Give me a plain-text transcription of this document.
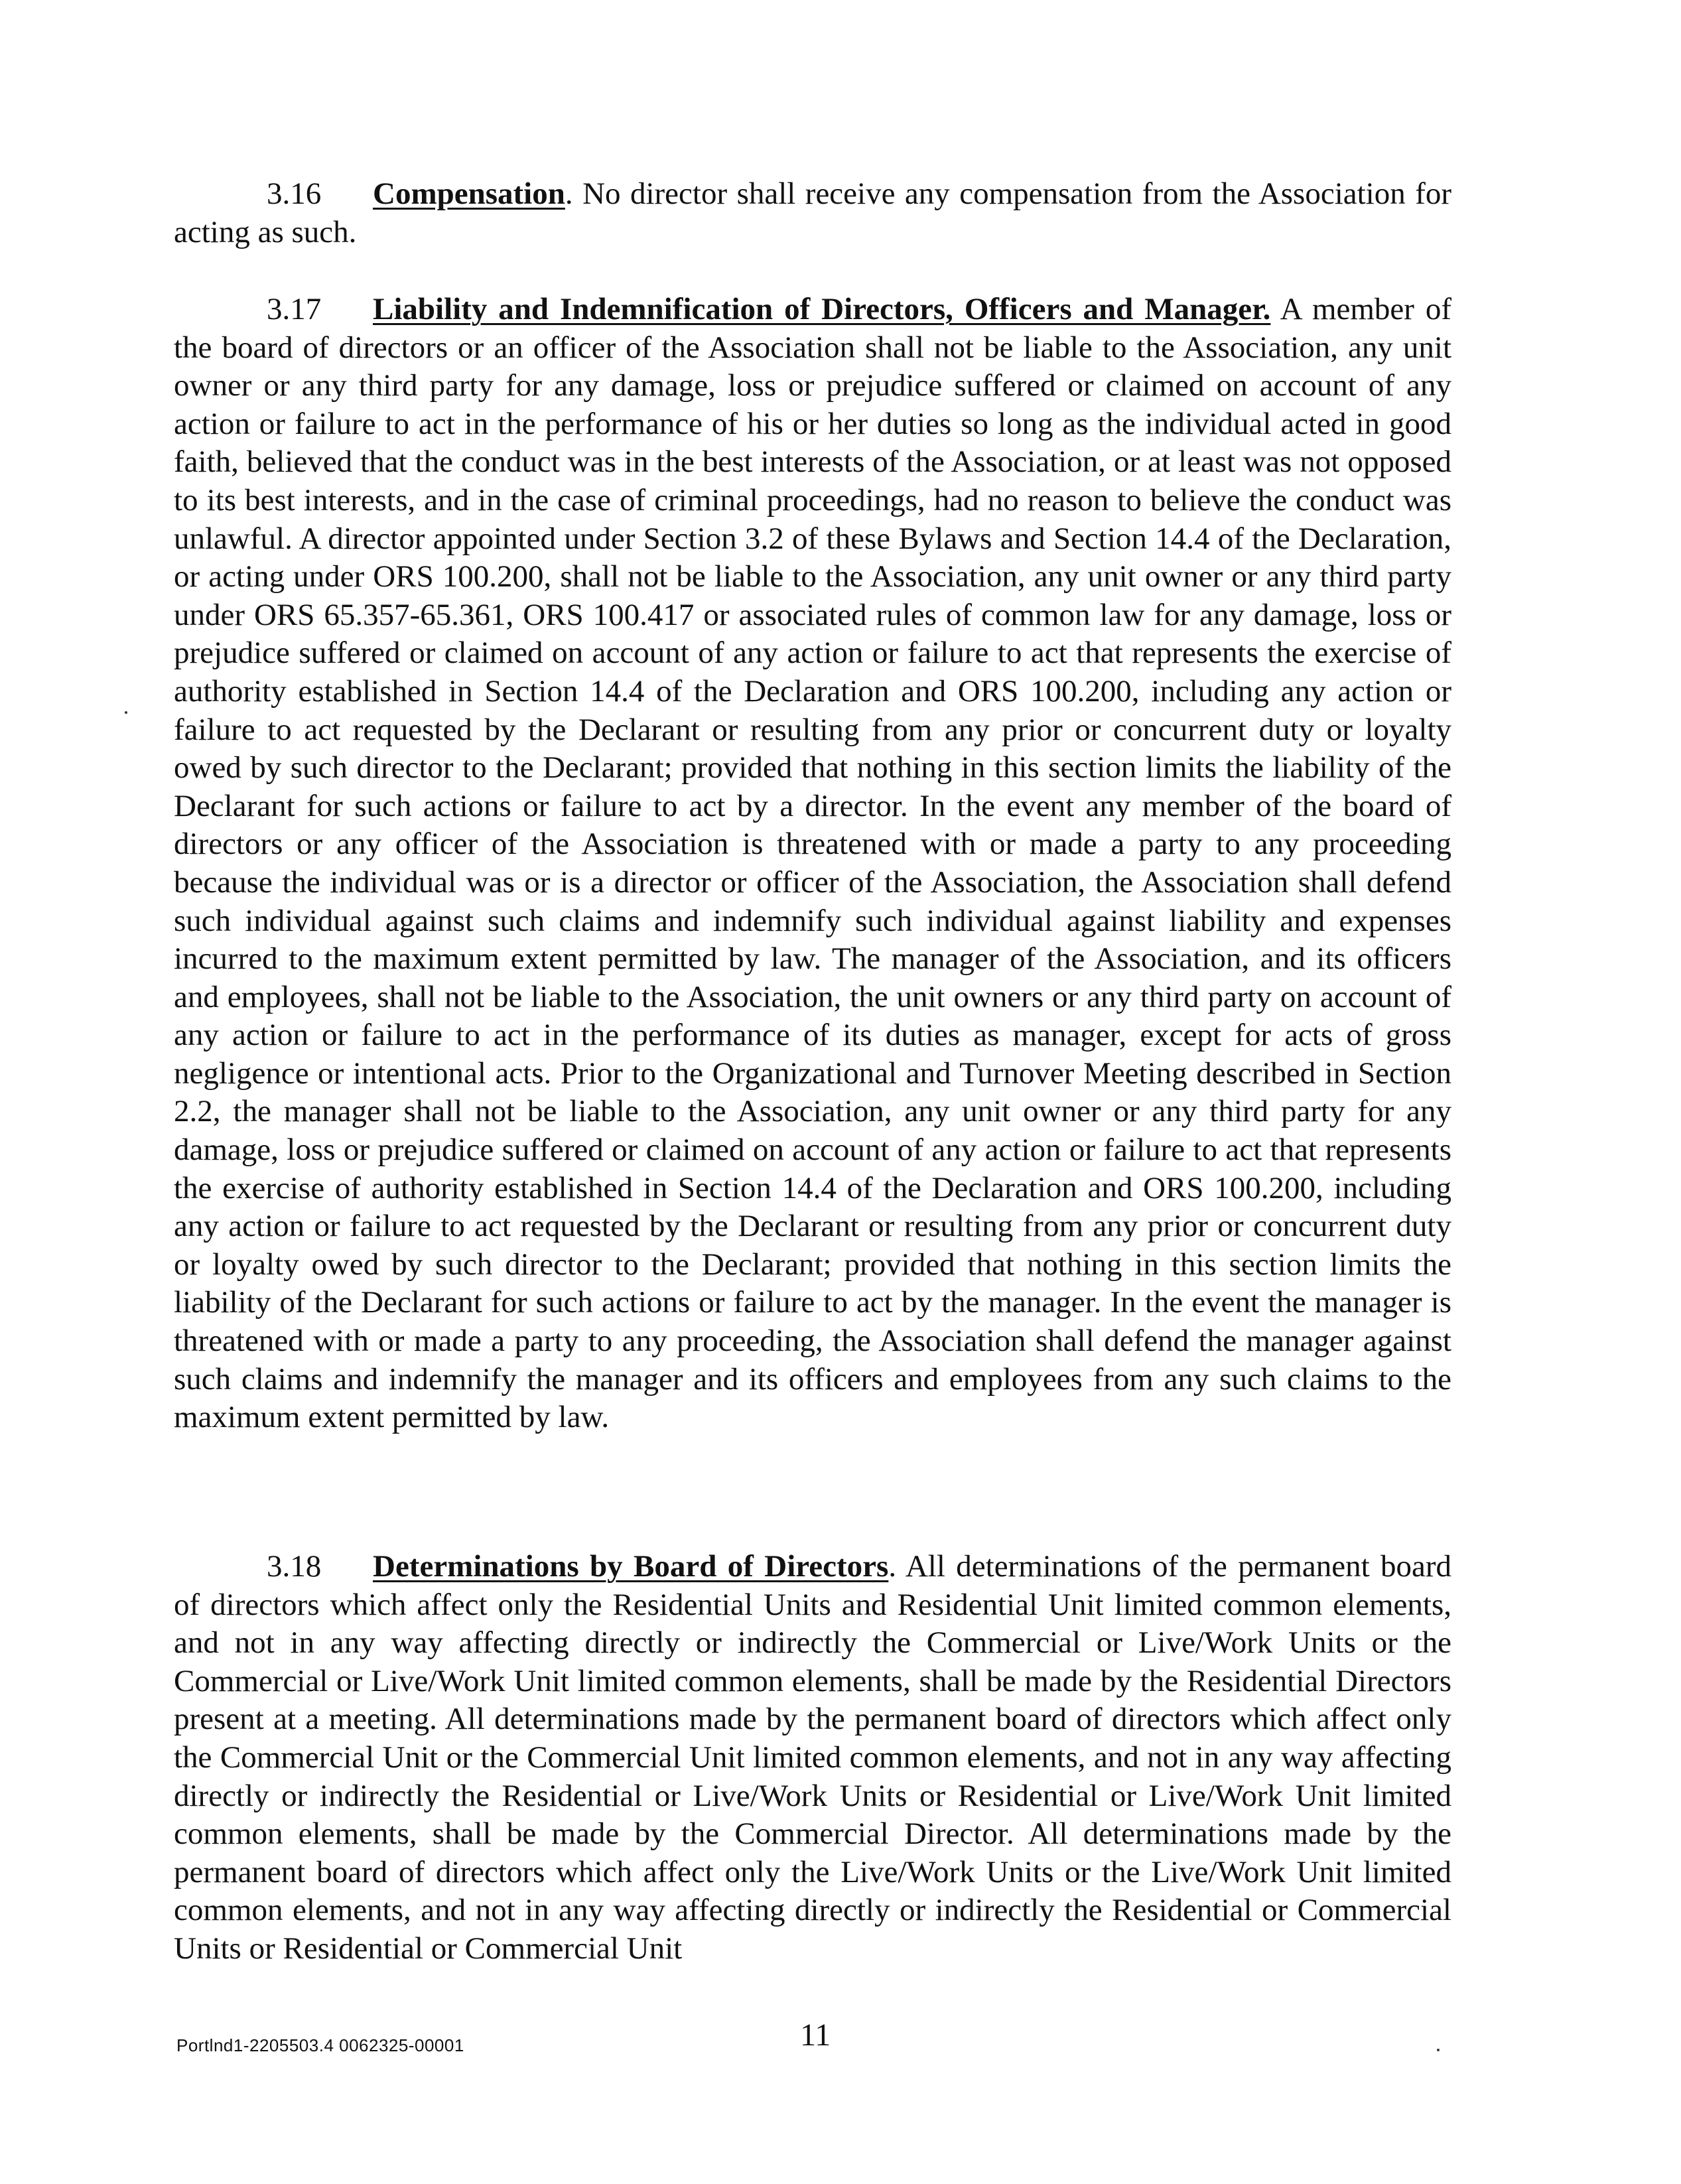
3.16 Compensation. No director shall receive any compensation from the Association for acting as such.

3.17 Liability and Indemnification of Directors, Officers and Manager. A member of the board of directors or an officer of the Association shall not be liable to the Association, any unit owner or any third party for any damage, loss or prejudice suffered or claimed on account of any action or failure to act in the performance of his or her duties so long as the individual acted in good faith, believed that the conduct was in the best interests of the Association, or at least was not opposed to its best interests, and in the case of criminal proceedings, had no reason to believe the conduct was unlawful. A director appointed under Section 3.2 of these Bylaws and Section 14.4 of the Declaration, or acting under ORS 100.200, shall not be liable to the Association, any unit owner or any third party under ORS 65.357-65.361, ORS 100.417 or associated rules of common law for any damage, loss or prejudice suffered or claimed on account of any action or failure to act that represents the exercise of authority established in Section 14.4 of the Declaration and ORS 100.200, including any action or failure to act requested by the Declarant or resulting from any prior or concurrent duty or loyalty owed by such director to the Declarant; provided that nothing in this section limits the liability of the Declarant for such actions or failure to act by a director. In the event any member of the board of directors or any officer of the Association is threatened with or made a party to any proceeding because the individual was or is a director or officer of the Association, the Association shall defend such individual against such claims and indemnify such individual against liability and expenses incurred to the maximum extent permitted by law. The manager of the Association, and its officers and employees, shall not be liable to the Association, the unit owners or any third party on account of any action or failure to act in the performance of its duties as manager, except for acts of gross negligence or intentional acts. Prior to the Organizational and Turnover Meeting described in Section 2.2, the manager shall not be liable to the Association, any unit owner or any third party for any damage, loss or prejudice suffered or claimed on account of any action or failure to act that represents the exercise of authority established in Section 14.4 of the Declaration and ORS 100.200, including any action or failure to act requested by the Declarant or resulting from any prior or concurrent duty or loyalty owed by such director to the Declarant; provided that nothing in this section limits the liability of the Declarant for such actions or failure to act by the manager. In the event the manager is threatened with or made a party to any proceeding, the Association shall defend the manager against such claims and indemnify the manager and its officers and employees from any such claims to the maximum extent permitted by law.

3.18 Determinations by Board of Directors. All determinations of the permanent board of directors which affect only the Residential Units and Residential Unit limited common elements, and not in any way affecting directly or indirectly the Commercial or Live/Work Units or the Commercial or Live/Work Unit limited common elements, shall be made by the Residential Directors present at a meeting. All determinations made by the permanent board of directors which affect only the Commercial Unit or the Commercial Unit limited common elements, and not in any way affecting directly or indirectly the Residential or Live/Work Units or Residential or Live/Work Unit limited common elements, shall be made by the Commercial Director. All determinations made by the permanent board of directors which affect only the Live/Work Units or the Live/Work Unit limited common elements, and not in any way affecting directly or indirectly the Residential or Commercial Units or Residential or Commercial Unit

Portlnd1-2205503.4 0062325-00001	11
